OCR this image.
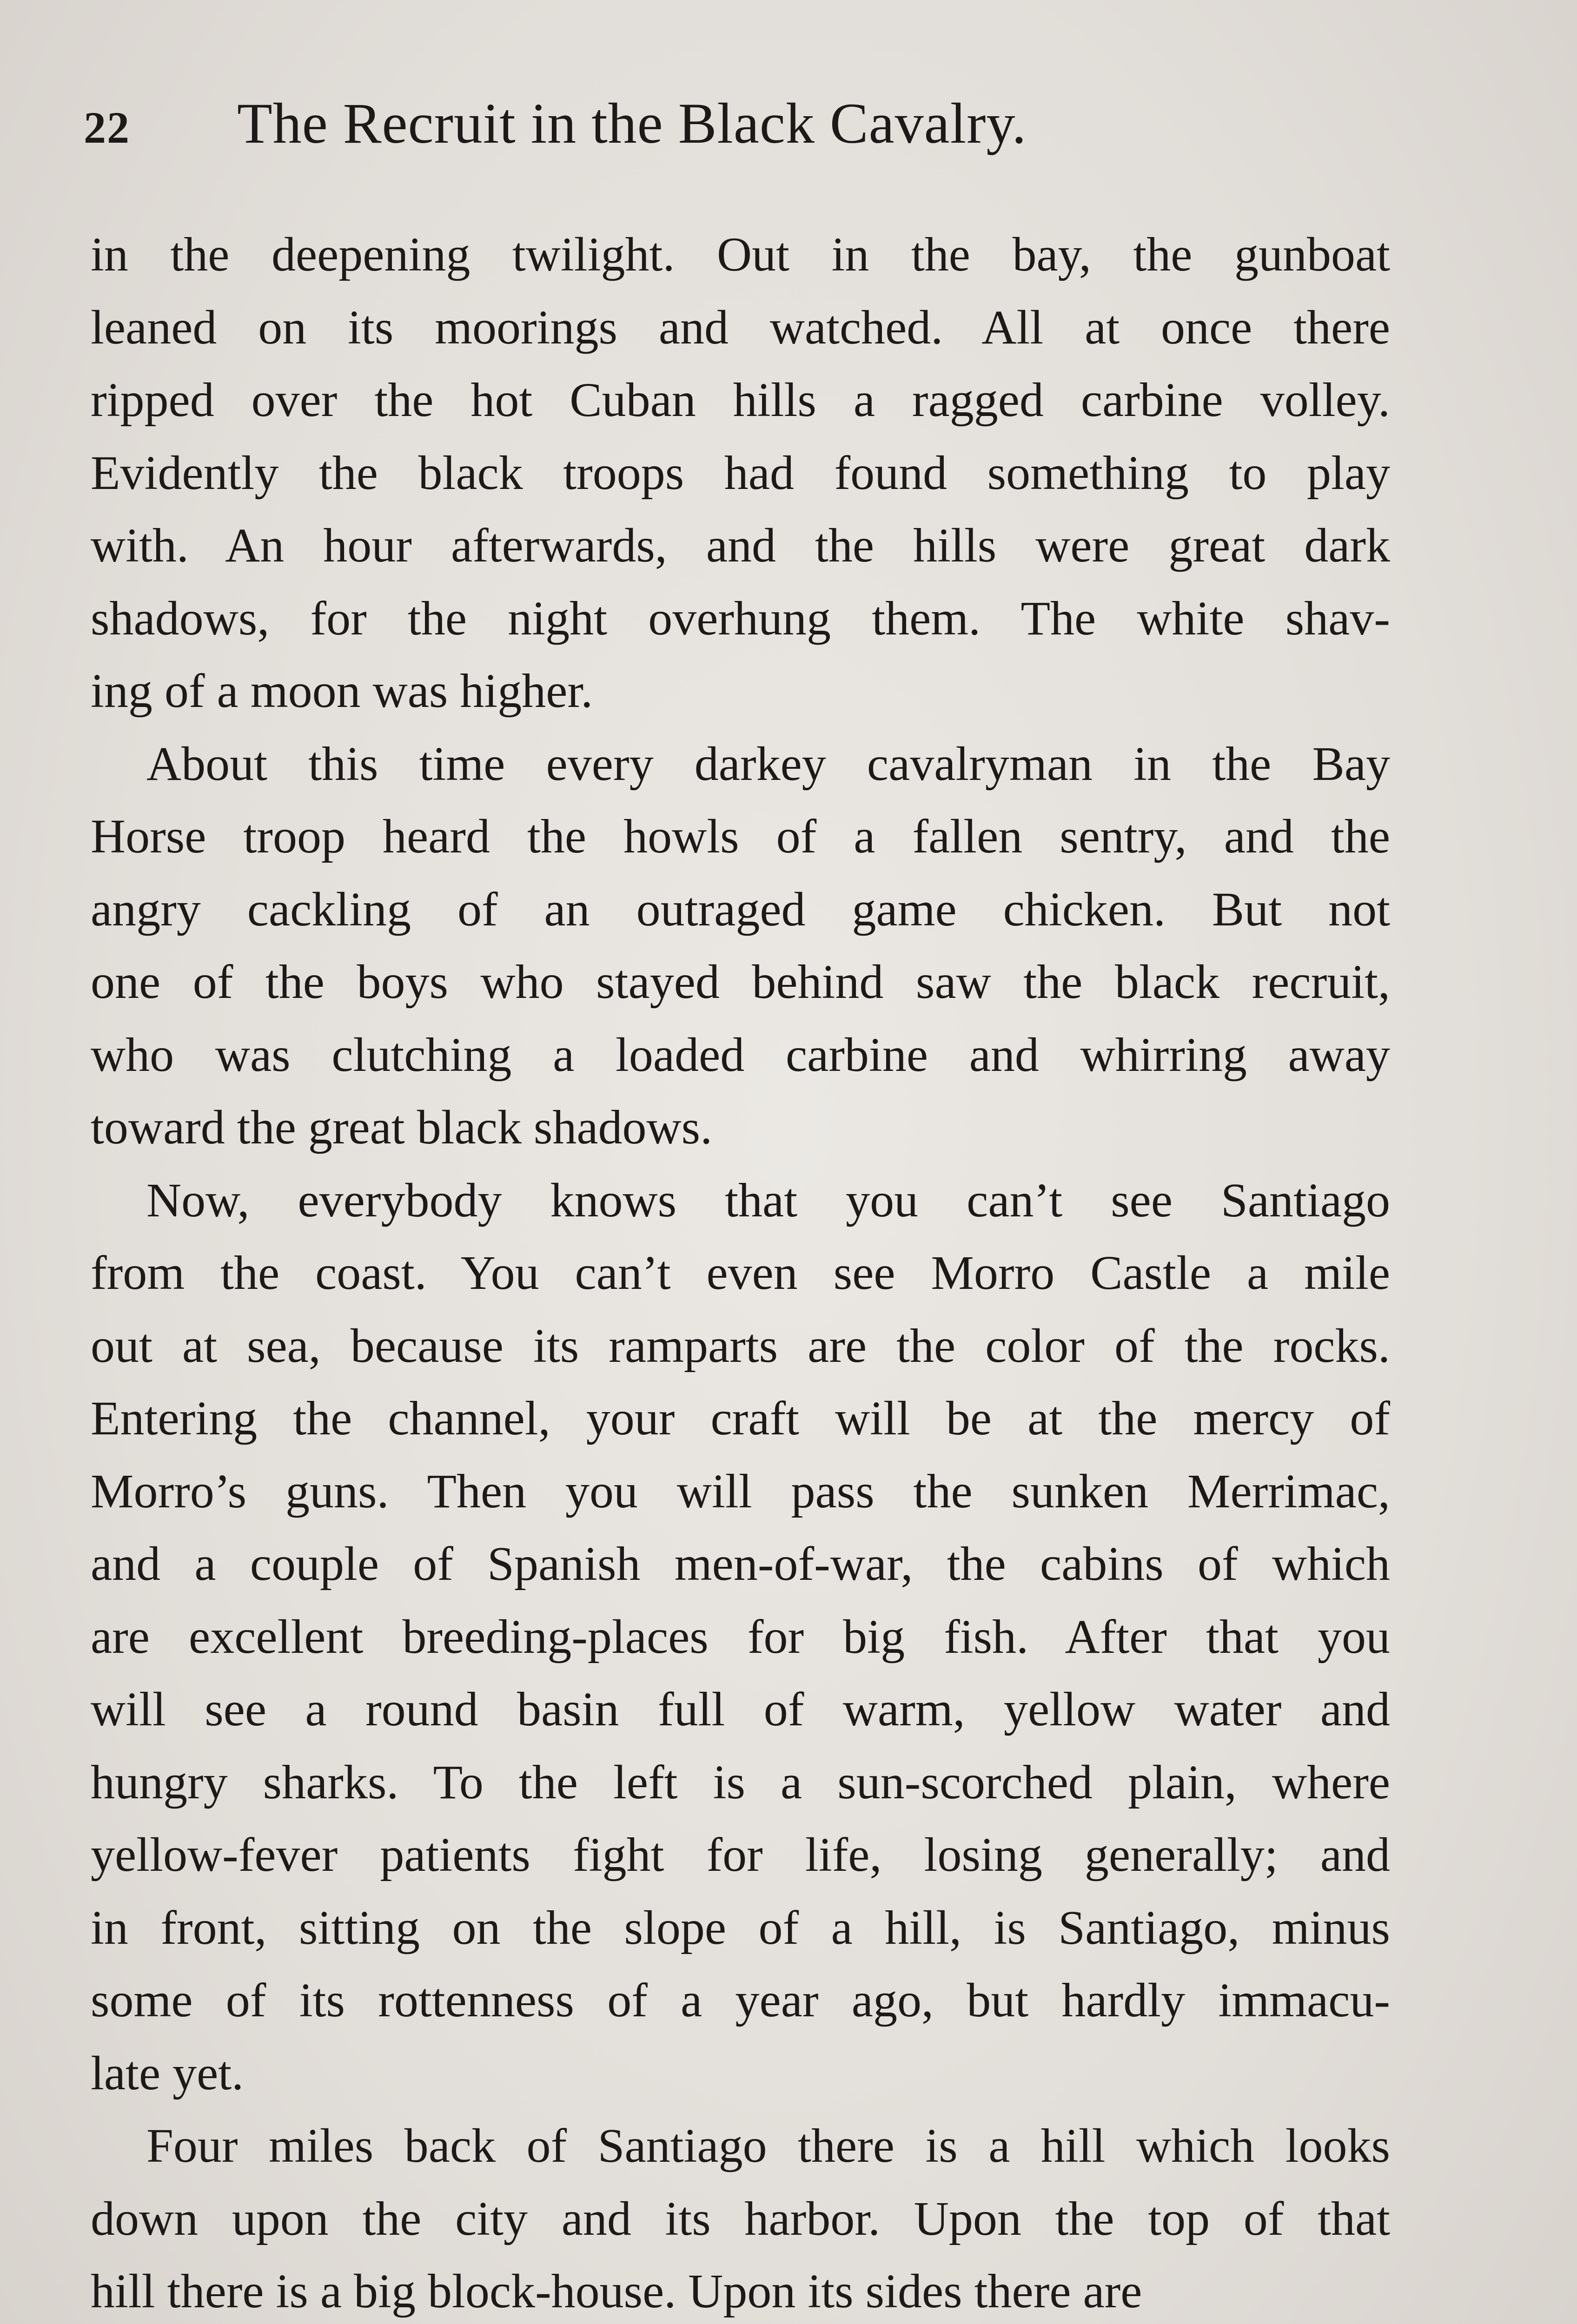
22	The Recruit in the Black Cavalry.
in the deepening twilight. Out in the bay, the gunboat
leaned on its moorings and watched. All at once there
ripped over the hot Cuban hills a ragged carbine volley.
Evidently the black troops had found something to play
with. An hour afterwards, and the hills were great dark
shadows, for the night overhung them. The white shav-
ing of a moon was higher.
About this time every darkey cavalryman in the Bay
Horse troop heard the howls of a fallen sentry, and the
angry cackling of an outraged game chicken. But not
one of the boys who stayed behind saw the black recruit,
who was clutching a loaded carbine and whirring away
toward the great black shadows.
Now, everybody knows that you can’t see Santiago
from the coast. You can’t even see Morro Castle a mile
out at sea, because its ramparts are the color of the rocks.
Entering the channel, your craft will be at the mercy of
Morro’s guns. Then you will pass the sunken Merrimac,
and a couple of Spanish men-of-war, the cabins of which
are excellent breeding-places for big fish. After that you
will see a round basin full of warm, yellow water and
hungry sharks. To the left is a sun-scorched plain, where
yellow-fever patients fight for life, losing generally; and
in front, sitting on the slope of a hill, is Santiago, minus
some of its rottenness of a year ago, but hardly immacu-
late yet.
Four miles back of Santiago there is a hill which looks
down upon the city and its harbor. Upon the top of that
hill there is a big block-house. Upon its sides there are
